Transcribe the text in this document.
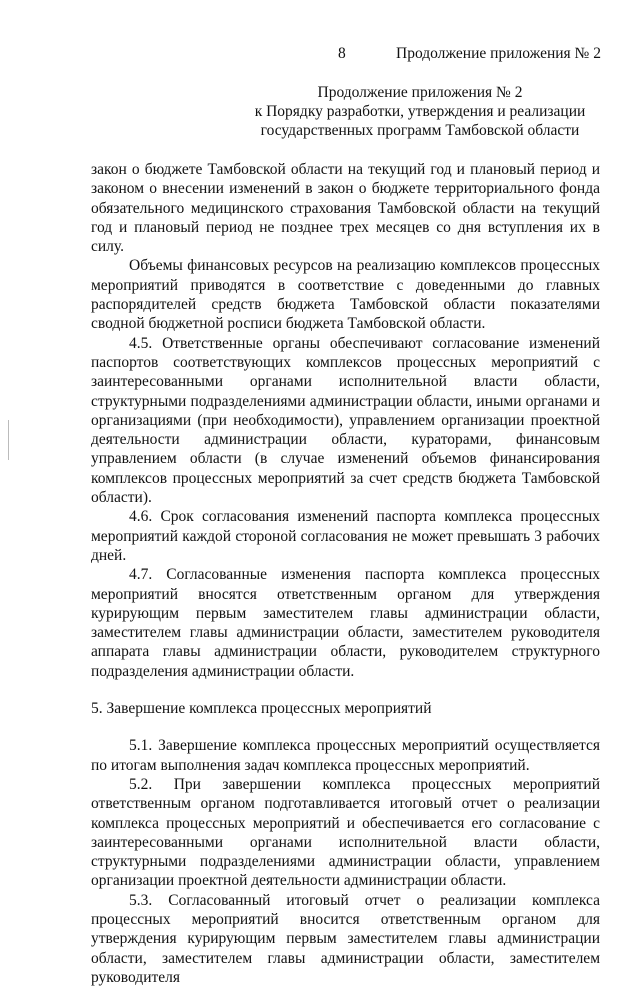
8	Продолжение приложения № 2
Продолжение приложения № 2
к Порядку разработки, утверждения и реализации
государственных программ Тамбовской области

закон о бюджете Тамбовской области на текущий год и плановый период и законом о внесении изменений в закон о бюджете территориального фонда обязательного медицинского страхования Тамбовской области на текущий год и плановый период не позднее трех месяцев со дня вступления их в силу.

Объемы финансовых ресурсов на реализацию комплексов процессных мероприятий приводятся в соответствие с доведенными до главных распорядителей средств бюджета Тамбовской области показателями сводной бюджетной росписи бюджета Тамбовской области.

4.5. Ответственные органы обеспечивают согласование изменений паспортов соответствующих комплексов процессных мероприятий с заинтересованными органами исполнительной власти области, структурными подразделениями администрации области, иными органами и организациями (при необходимости), управлением организации проектной деятельности администрации области, кураторами, финансовым управлением области (в случае изменений объемов финансирования комплексов процессных мероприятий за счет средств бюджета Тамбовской области).

4.6. Срок согласования изменений паспорта комплекса процессных мероприятий каждой стороной согласования не может превышать 3 рабочих дней.

4.7. Согласованные изменения паспорта комплекса процессных мероприятий вносятся ответственным органом для утверждения курирующим первым заместителем главы администрации области, заместителем главы администрации области, заместителем руководителя аппарата главы администрации области, руководителем структурного подразделения администрации области.

5. Завершение комплекса процессных мероприятий

5.1. Завершение комплекса процессных мероприятий осуществляется по итогам выполнения задач комплекса процессных мероприятий.

5.2. При завершении комплекса процессных мероприятий ответственным органом подготавливается итоговый отчет о реализации комплекса процессных мероприятий и обеспечивается его согласование с заинтересованными органами исполнительной власти области, структурными подразделениями администрации области, управлением организации проектной деятельности администрации области.

5.3. Согласованный итоговый отчет о реализации комплекса процессных мероприятий вносится ответственным органом для утверждения курирующим первым заместителем главы администрации области, заместителем главы администрации области, заместителем руководителя
